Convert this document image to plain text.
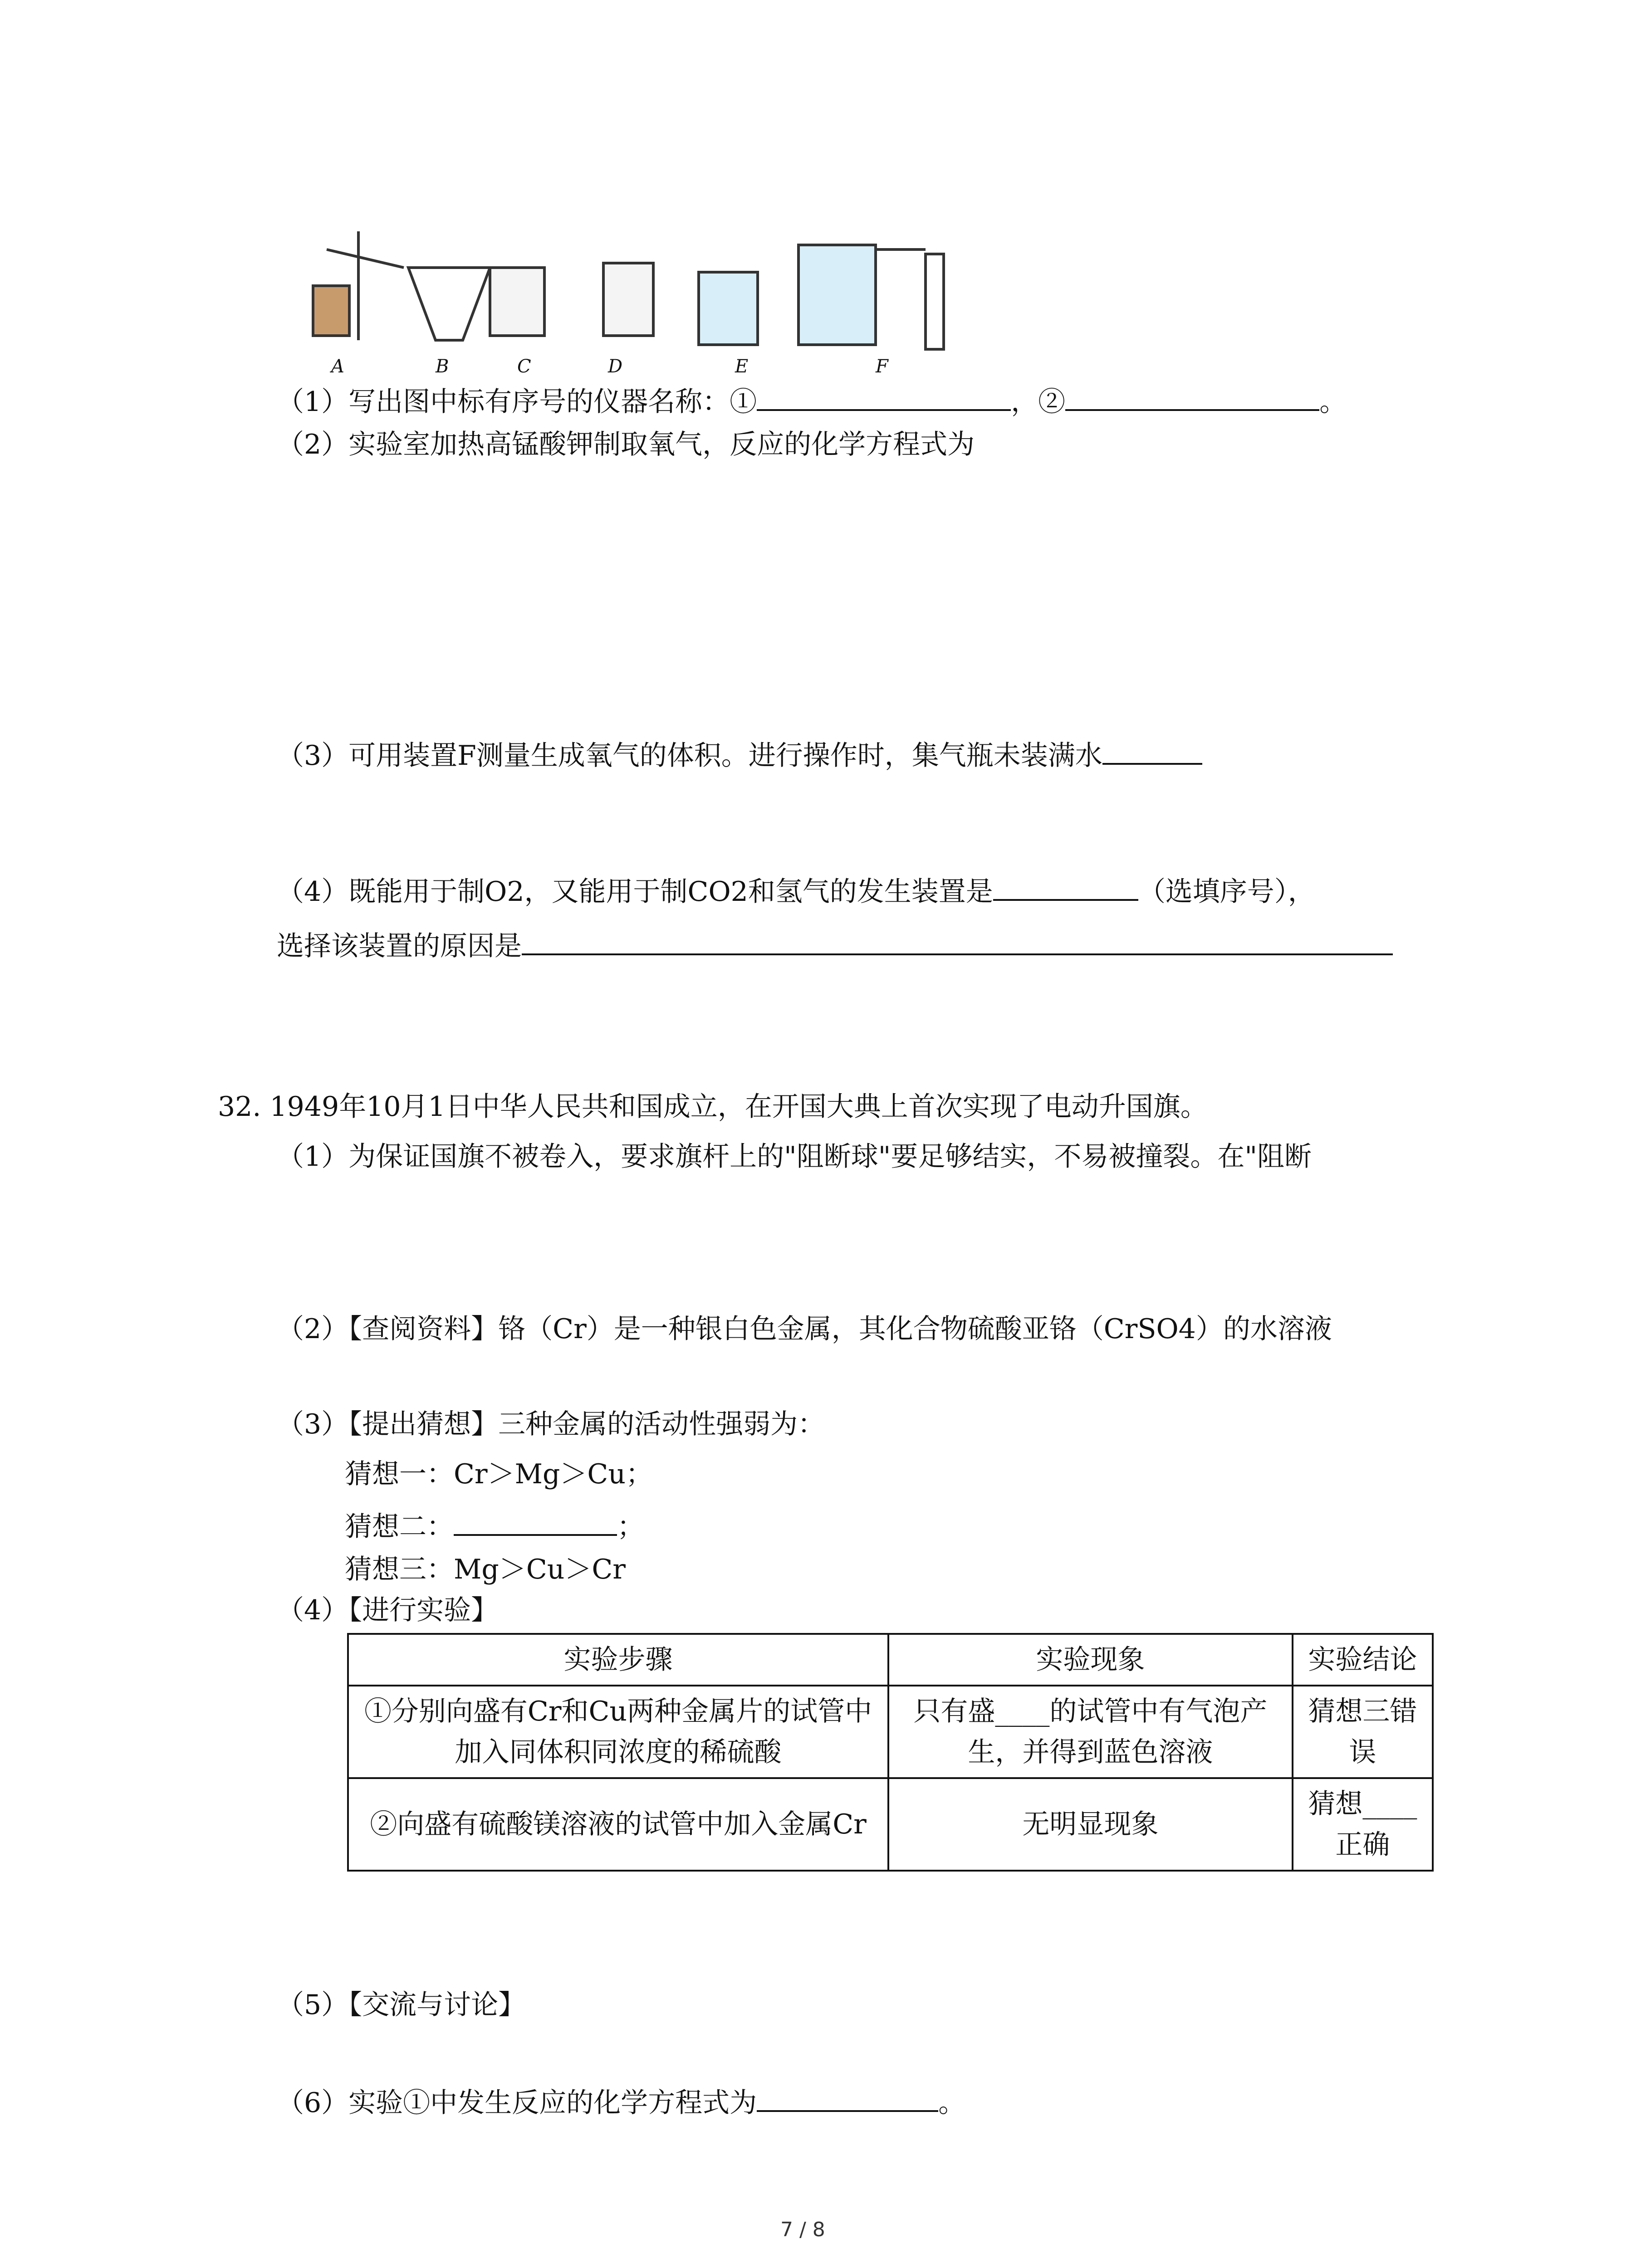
A	B	C	D	E	F
（1）写出图中标有序号的仪器名称：①	，②	。
（2）实验室加热高锰酸钾制取氧气，反应的化学方程式为
（3）可用装置F测量生成氧气的体积。进行操作时，集气瓶未装满水
（4）既能用于制O2，又能用于制CO2和氢气的发生装置是	（选填序号），
选择该装置的原因是
32. 1949年10月1日中华人民共和国成立，在开国大典上首次实现了电动升国旗。
（1）为保证国旗不被卷入，要求旗杆上的"阻断球"要足够结实，不易被撞裂。在"阻断
（2）【查阅资料】铬（Cr）是一种银白色金属，其化合物硫酸亚铬（CrSO4）的水溶液
（3）【提出猜想】三种金属的活动性强弱为：
猜想一：Cr＞Mg＞Cu；
猜想二：	；
猜想三：Mg＞Cu＞Cr
（4）【进行实验】
实验步骤	实验现象	实验结论
①分别向盛有Cr和Cu两种金属片的试管中加入同体积同浓度的稀硫酸	只有盛____的试管中有气泡产生，并得到蓝色溶液	猜想三错误
②向盛有硫酸镁溶液的试管中加入金属Cr	无明显现象	猜想____正确
（5）【交流与讨论】
（6）实验①中发生反应的化学方程式为	。
7 / 8
